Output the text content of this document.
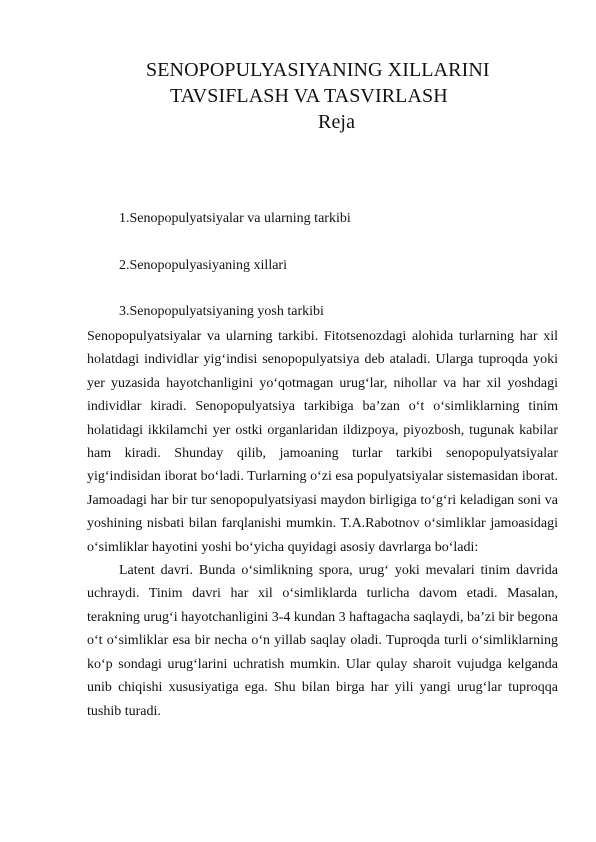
SENOPOPULYASIYANING XILLARINI
TAVSIFLASH VA TASVIRLASH
Reja
1.Senopopulyatsiyalar va ularning tarkibi
2.Senopopulyasiyaning xillari
3.Senopopulyatsiyaning yosh tarkibi

Senopopulyatsiyalar va ularning tarkibi. Fitotsenozdagi alohida turlarning har xil holatdagi individlar yig‘indisi senopopulyatsiya deb ataladi. Ularga tuproqda yoki yer yuzasida hayotchanligini yo‘qotmagan urug‘lar, nihollar va har xil yoshdagi individlar kiradi. Senopopulyatsiya tarkibiga ba’zan o‘t o‘simliklarning tinim holatidagi ikkilamchi yer ostki organlaridan ildizpoya, piyozbosh, tugunak kabilar ham kiradi. Shunday qilib, jamoaning turlar tarkibi senopopulyatsiyalar yig‘indisidan iborat bo‘ladi. Turlarning o‘zi esa populyatsiyalar sistemasidan iborat. Jamoadagi har bir tur senopopulyatsiyasi maydon birligiga to‘g‘ri keladigan soni va yoshining nisbati bilan farqlanishi mumkin. T.A.Rabotnov o‘simliklar jamoasidagi o‘simliklar hayotini yoshi bo‘yicha quyidagi asosiy davrlarga bo‘ladi:

Latent davri. Bunda o‘simlikning spora, urug‘ yoki mevalari tinim davrida uchraydi. Tinim davri har xil o‘simliklarda turlicha davom etadi. Masalan, terakning urug‘i hayotchanligini 3-4 kundan 3 haftagacha saqlaydi, ba’zi bir begona o‘t o‘simliklar esa bir necha o‘n yillab saqlay oladi. Tuproqda turli o‘simliklarning ko‘p sondagi urug‘larini uchratish mumkin. Ular qulay sharoit vujudga kelganda unib chiqishi xususiyatiga ega. Shu bilan birga har yili yangi urug‘lar tuproqqa tushib turadi.
